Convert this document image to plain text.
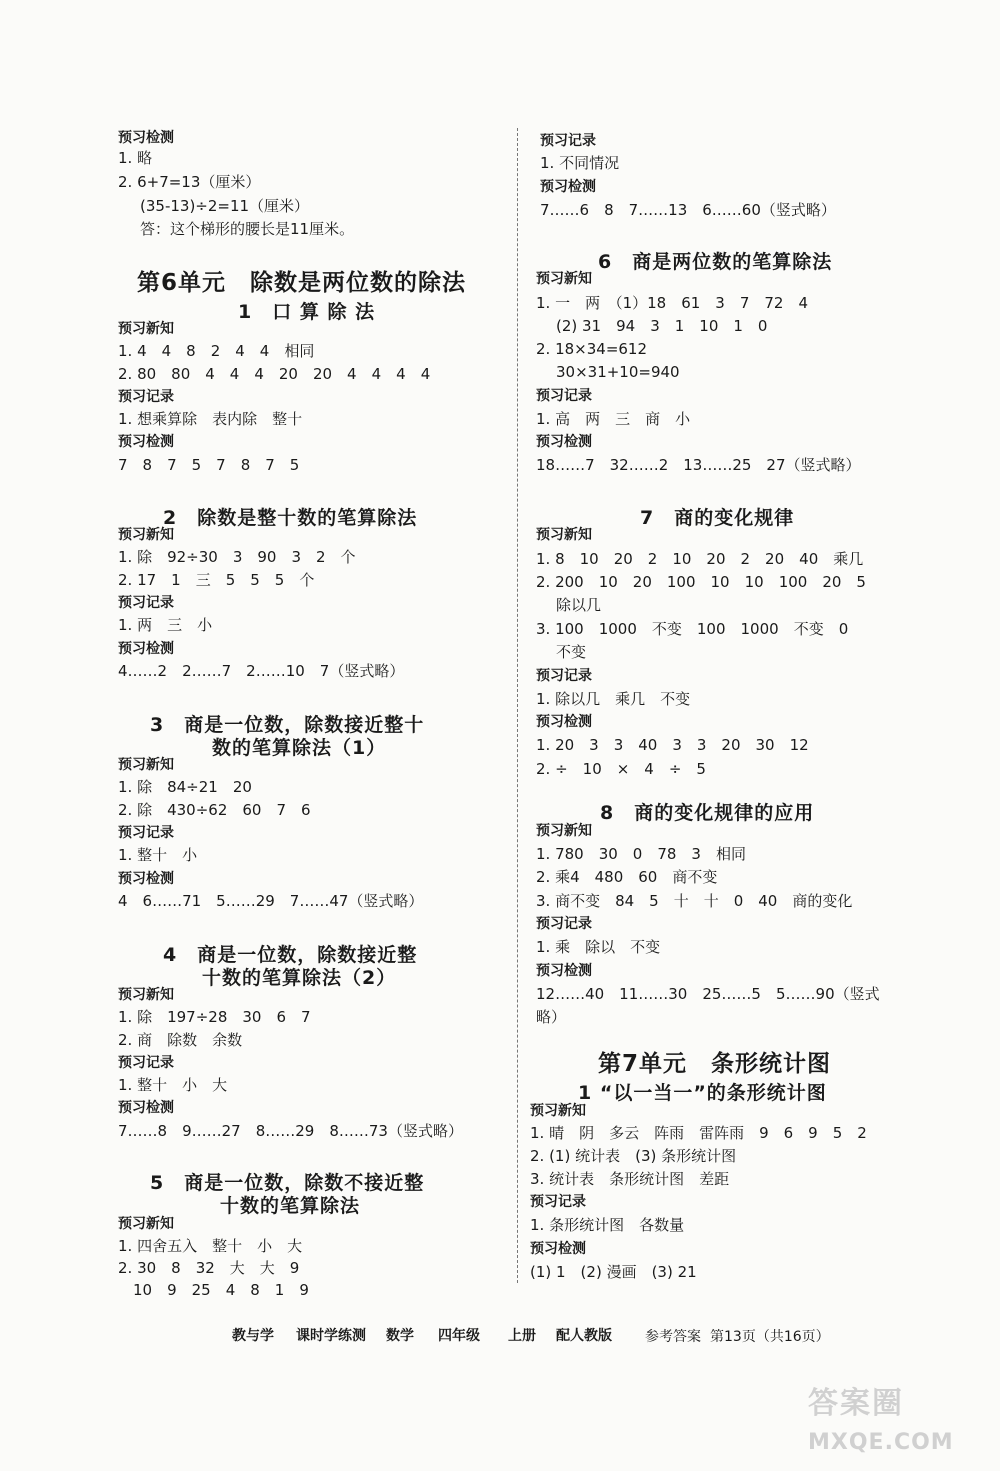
预习检测
1. 略
2. 6+7=13（厘米）
(35-13)÷2=11（厘米）
答：这个梯形的腰长是11厘米。
第6单元　除数是两位数的除法
1　口 算 除 法
预习新知
1. 4　4　8　2　4　4　相同
2. 80　80　4　4　4　20　20　4　4　4　4
预习记录
1. 想乘算除　表内除　整十
预习检测
7　8　7　5　7　8　7　5
2　除数是整十数的笔算除法
预习新知
1. 除　92÷30　3　90　3　2　个
2. 17　1　三　5　5　5　个
预习记录
1. 两　三　小
预习检测
4……2　2……7　2……10　7（竖式略）
3　商是一位数，除数接近整十
数的笔算除法（1）
预习新知
1. 除　84÷21　20
2. 除　430÷62　60　7　6
预习记录
1. 整十　小
预习检测
4　6……71　5……29　7……47（竖式略）
4　商是一位数，除数接近整
十数的笔算除法（2）
预习新知
1. 除　197÷28　30　6　7
2. 商　除数　余数
预习记录
1. 整十　小　大
预习检测
7……8　9……27　8……29　8……73（竖式略）
5　商是一位数，除数不接近整
十数的笔算除法
预习新知
1. 四舍五入　整十　小　大
2. 30　8　32　大　大　9
10　9　25　4　8　1　9
预习记录
1. 不同情况
预习检测
7……6　8　7……13　6……60（竖式略）
6　商是两位数的笔算除法
预习新知
1. 一　两　（1）18　61　3　7　72　4
(2) 31　94　3　1　10　1　0
2. 18×34=612
30×31+10=940
预习记录
1. 高　两　三　商　小
预习检测
18……7　32……2　13……25　27（竖式略）
7　商的变化规律
预习新知
1. 8　10　20　2　10　20　2　20　40　乘几
2. 200　10　20　100　10　10　100　20　5
除以几
3. 100　1000　不变　100　1000　不变　0
不变
预习记录
1. 除以几　乘几　不变
预习检测
1. 20　3　3　40　3　3　20　30　12
2. ÷　10　×　4　÷　5
8　商的变化规律的应用
预习新知
1. 780　30　0　78　3　相同
2. 乘4　480　60　商不变
3. 商不变　84　5　十　十　0　40　商的变化
预习记录
1. 乘　除以　不变
预习检测
12……40　11……30　25……5　5……90（竖式
略）
第7单元　条形统计图
1 “以一当一”的条形统计图
预习新知
1. 晴　阴　多云　阵雨　雷阵雨　9　6　9　5　2
2. (1) 统计表　(3) 条形统计图
3. 统计表　条形统计图　差距
预习记录
1. 条形统计图　各数量
预习检测
(1) 1　(2) 漫画　(3) 21
教与学 课时学练测 数学 四年级 上册 配人教版 参考答案 第13页（共16页）
答案圈
MXQE.COM
